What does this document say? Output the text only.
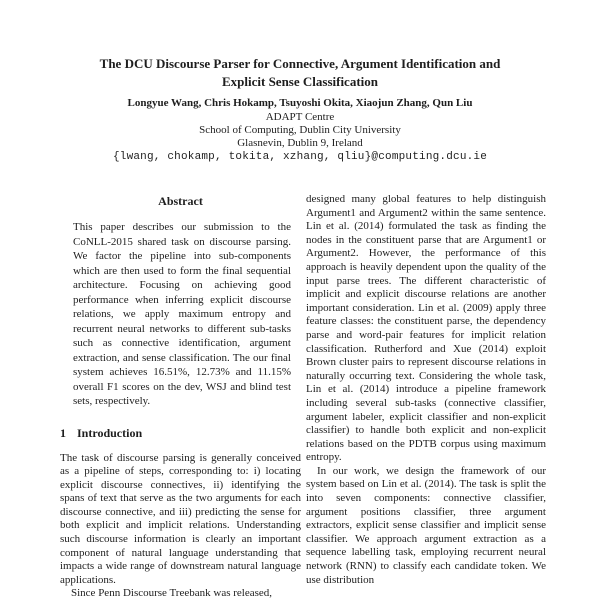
The DCU Discourse Parser for Connective, Argument Identification and
Explicit Sense Classification
Longyue Wang, Chris Hokamp, Tsuyoshi Okita, Xiaojun Zhang, Qun Liu
ADAPT Centre
School of Computing, Dublin City University
Glasnevin, Dublin 9, Ireland
{lwang, chokamp, tokita, xzhang, qliu}@computing.dcu.ie
Abstract

This paper describes our submission to the CoNLL-2015 shared task on discourse parsing. We factor the pipeline into sub-components which are then used to form the final sequential architecture. Focusing on achieving good performance when inferring explicit discourse relations, we apply maximum entropy and recurrent neural networks to different sub-tasks such as connective identification, argument extraction, and sense classification. The our final system achieves 16.51%, 12.73% and 11.15% overall F1 scores on the dev, WSJ and blind test sets, respectively.

1 Introduction

The task of discourse parsing is generally conceived as a pipeline of steps, corresponding to: i) locating explicit discourse connectives, ii) identifying the spans of text that serve as the two arguments for each discourse connective, and iii) predicting the sense for both explicit and implicit relations. Understanding such discourse information is clearly an important component of natural language understanding that impacts a wide range of downstream natural language applications.

Since Penn Discourse Treebank was released,

designed many global features to help distinguish Argument1 and Argument2 within the same sentence. Lin et al. (2014) formulated the task as finding the nodes in the constituent parse that are Argument1 or Argument2. However, the performance of this approach is heavily dependent upon the quality of the input parse trees. The different characteristic of implicit and explicit discourse relations are another important consideration. Lin et al. (2009) apply three feature classes: the constituent parse, the dependency parse and word-pair features for implicit relation classification. Rutherford and Xue (2014) exploit Brown cluster pairs to represent discourse relations in naturally occurring text. Considering the whole task, Lin et al. (2014) introduce a pipeline framework including several sub-tasks (connective classifier, argument labeler, explicit classifier and non-explicit classifier) to handle both explicit and non-explicit relations based on the PDTB corpus using maximum entropy.

In our work, we design the framework of our system based on Lin et al. (2014). The task is split the into seven components: connective classifier, argument positions classifier, three argument extractors, explicit sense classifier and implicit sense classifier. We approach argument extraction as a sequence labelling task, employing recurrent neural network (RNN) to classify each candidate token. We use distribution
